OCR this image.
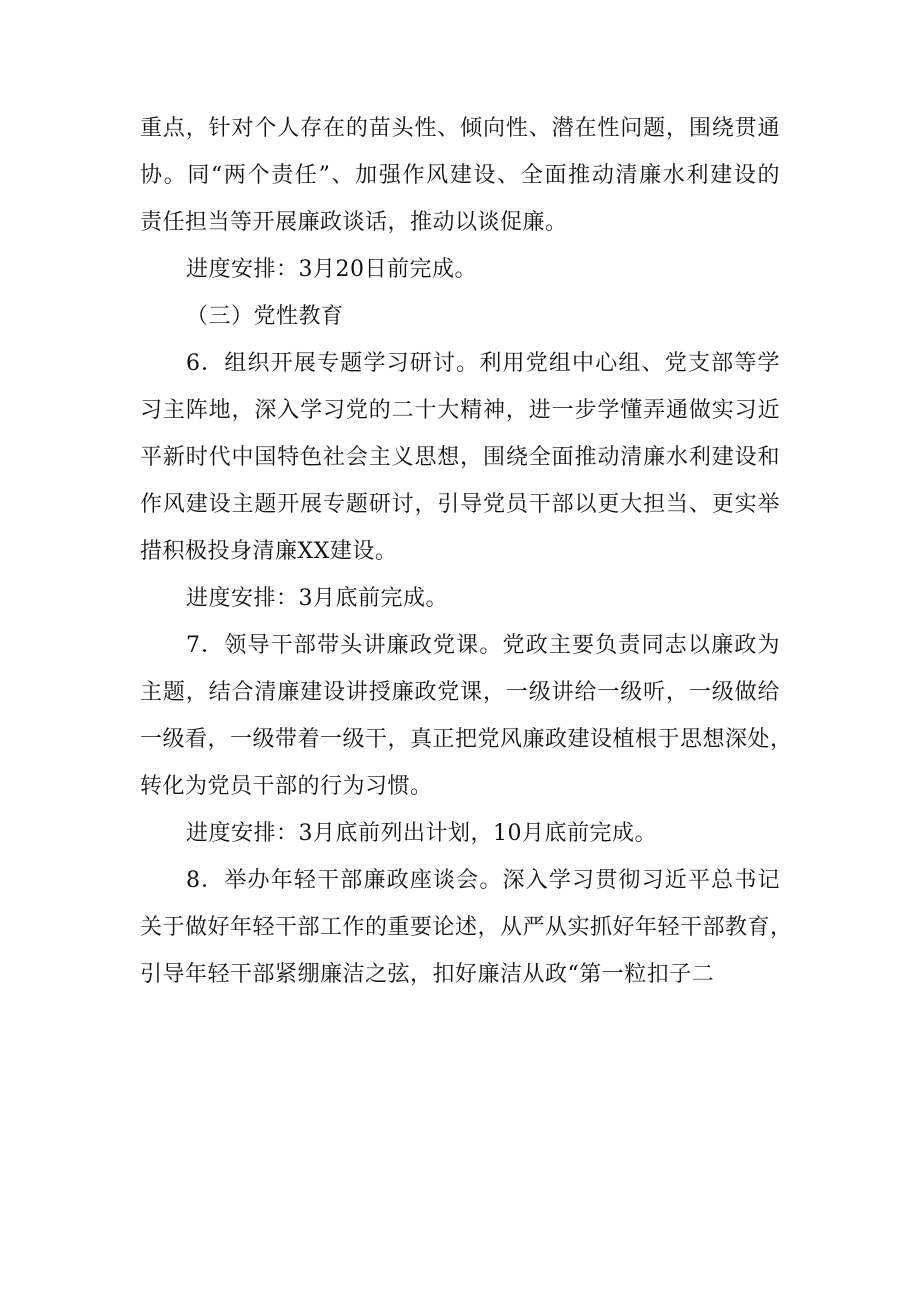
重点，针对个人存在的苗头性、倾向性、潜在性问题，围绕贯通
协。同“两个责任”、加强作风建设、全面推动清廉水利建设的
责任担当等开展廉政谈话，推动以谈促廉。
进度安排：3月20日前完成。
（三）党性教育
6．组织开展专题学习研讨。利用党组中心组、党支部等学
习主阵地，深入学习党的二十大精神，进一步学懂弄通做实习近
平新时代中国特色社会主义思想，围绕全面推动清廉水利建设和
作风建设主题开展专题研讨，引导党员干部以更大担当、更实举
措积极投身清廉XX建设。
进度安排：3月底前完成。
7．领导干部带头讲廉政党课。党政主要负责同志以廉政为
主题，结合清廉建设讲授廉政党课，一级讲给一级听，一级做给
一级看，一级带着一级干，真正把党风廉政建设植根于思想深处，
转化为党员干部的行为习惯。
进度安排：3月底前列出计划，10月底前完成。
8．举办年轻干部廉政座谈会。深入学习贯彻习近平总书记
关于做好年轻干部工作的重要论述，从严从实抓好年轻干部教育，
引导年轻干部紧绷廉洁之弦，扣好廉洁从政“第一粒扣子二
